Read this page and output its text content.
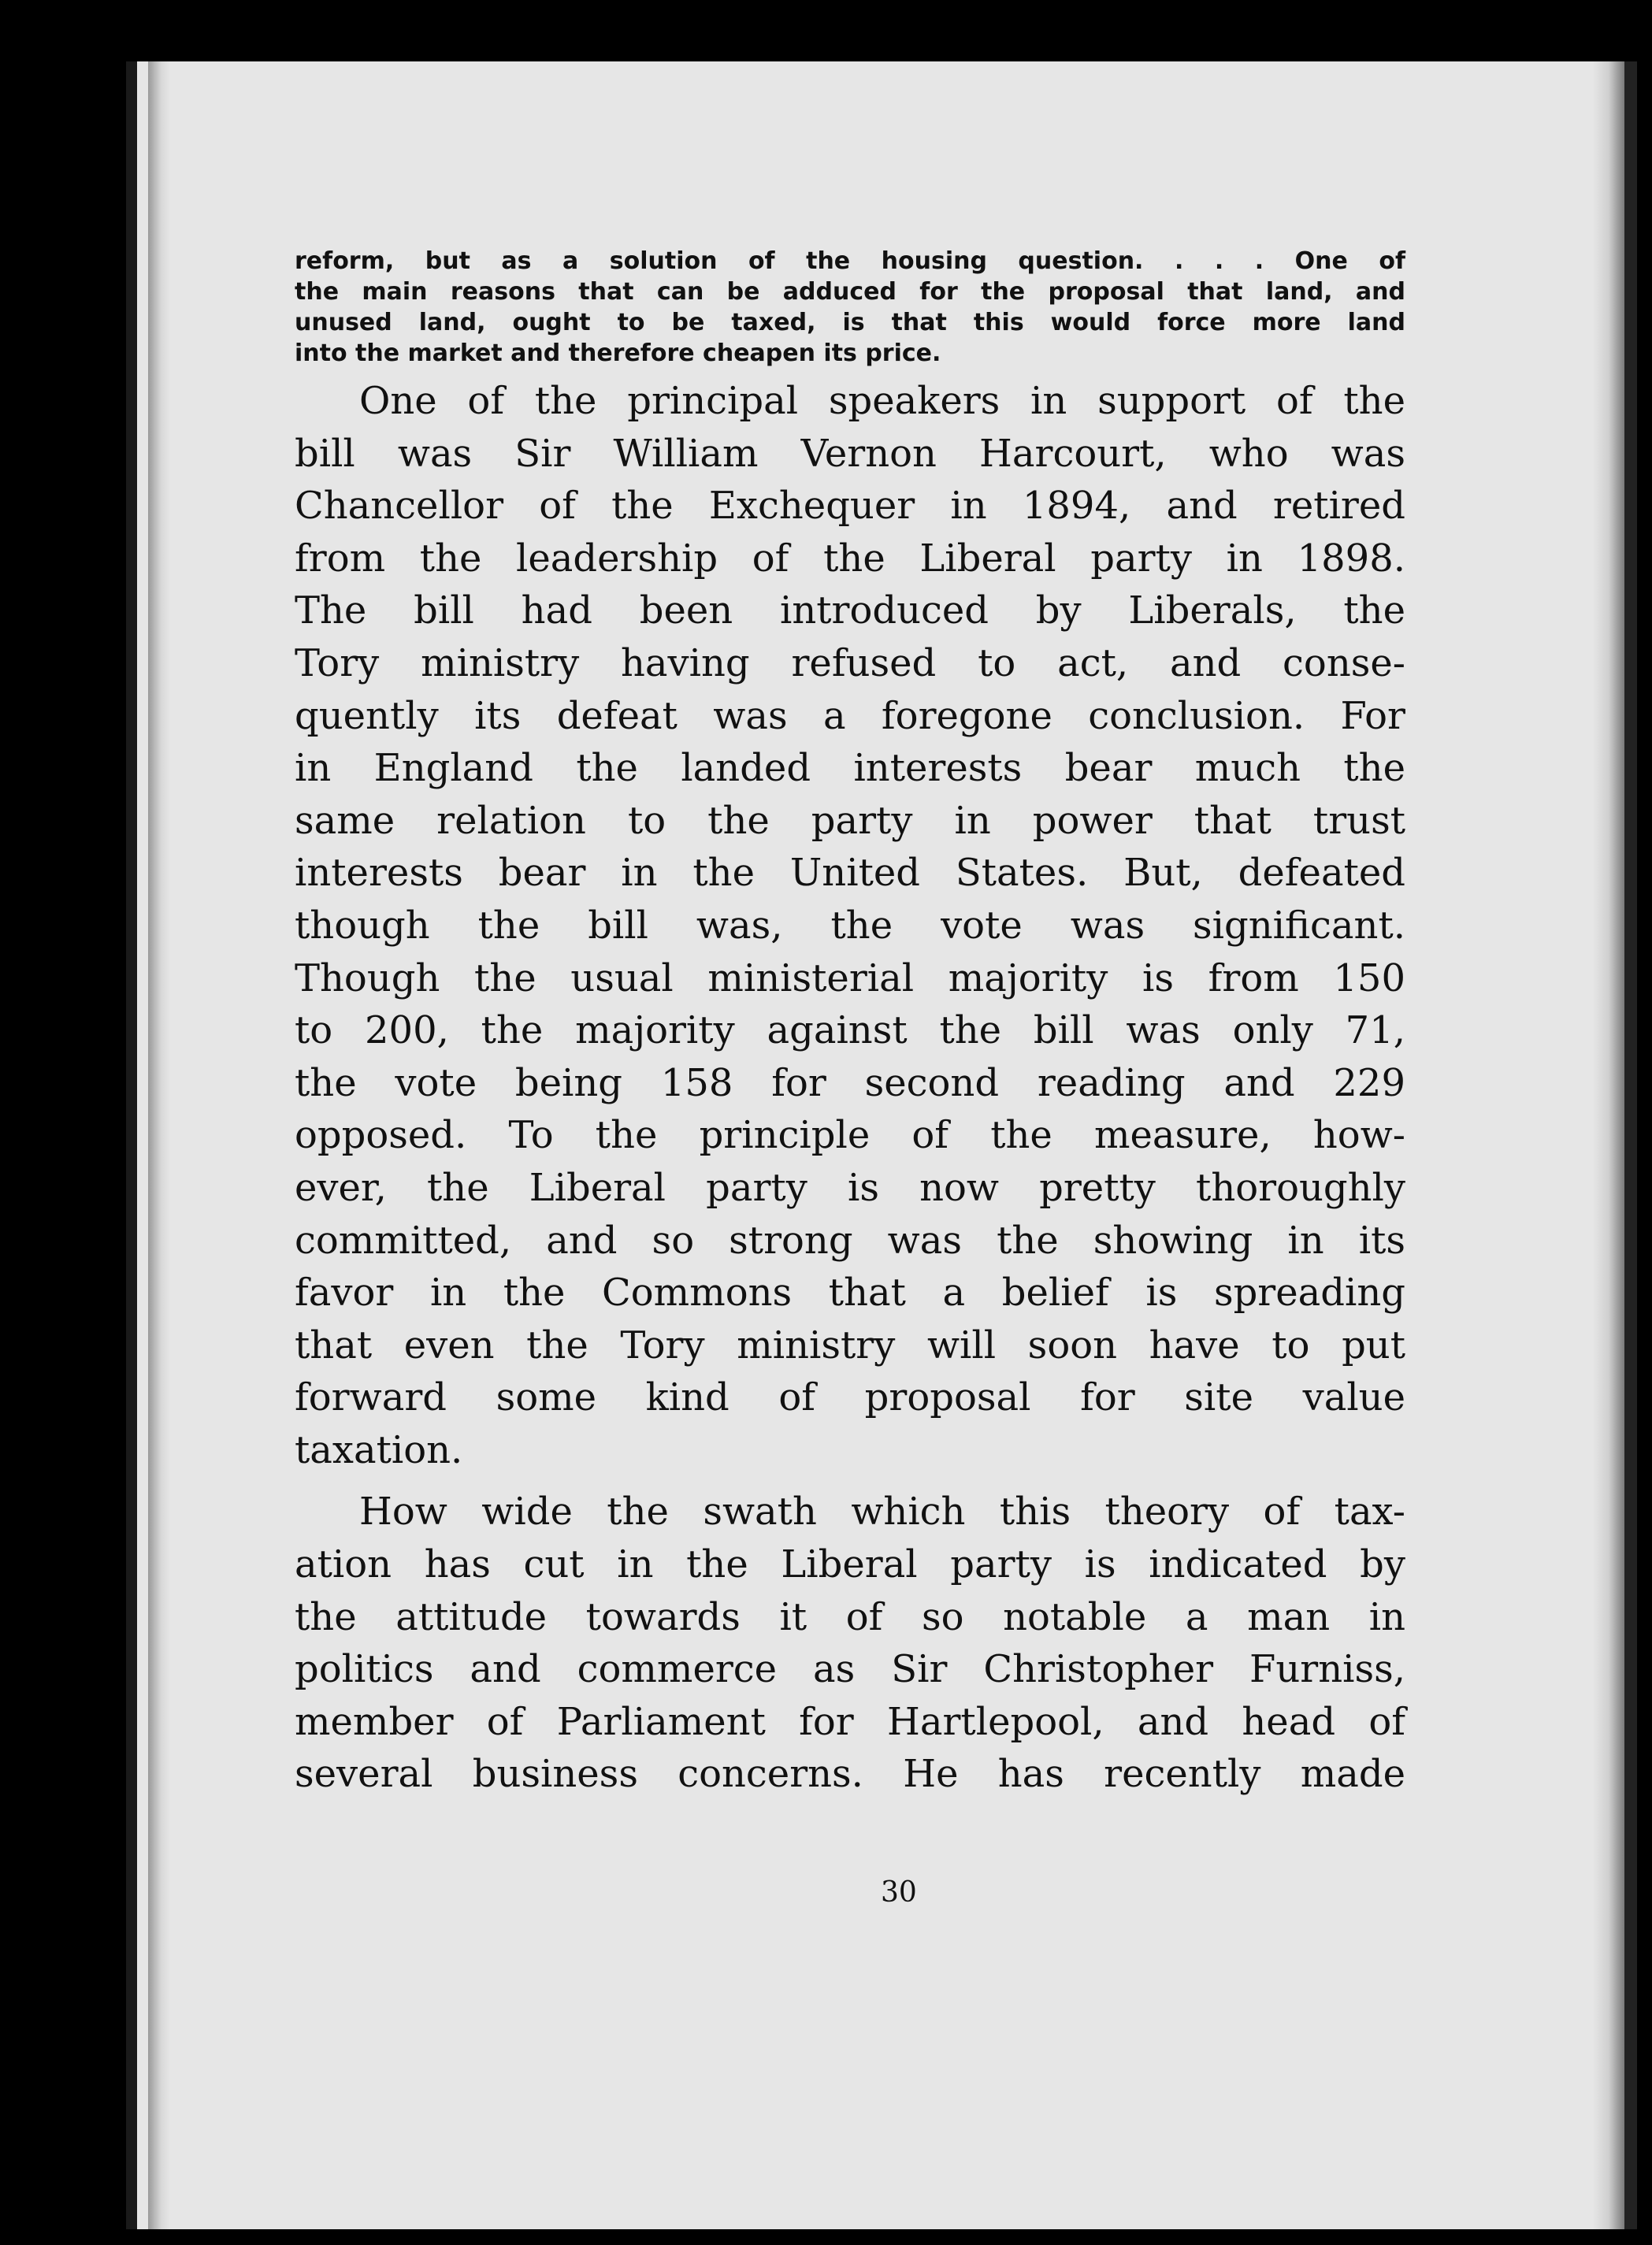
reform, but as a solution of the housing question. . . . One of
the main reasons that can be adduced for the proposal that land, and
unused land, ought to be taxed, is that this would force more land
into the market and therefore cheapen its price.
One of the principal speakers in support of the
bill was Sir William Vernon Harcourt, who was
Chancellor of the Exchequer in 1894, and retired
from the leadership of the Liberal party in 1898.
The bill had been introduced by Liberals, the
Tory ministry having refused to act, and conse-
quently its defeat was a foregone conclusion. For
in England the landed interests bear much the
same relation to the party in power that trust
interests bear in the United States. But, defeated
though the bill was, the vote was significant.
Though the usual ministerial majority is from 150
to 200, the majority against the bill was only 71,
the vote being 158 for second reading and 229
opposed. To the principle of the measure, how-
ever, the Liberal party is now pretty thoroughly
committed, and so strong was the showing in its
favor in the Commons that a belief is spreading
that even the Tory ministry will soon have to put
forward some kind of proposal for site value
taxation.
How wide the swath which this theory of tax-
ation has cut in the Liberal party is indicated by
the attitude towards it of so notable a man in
politics and commerce as Sir Christopher Furniss,
member of Parliament for Hartlepool, and head of
several business concerns. He has recently made
30
